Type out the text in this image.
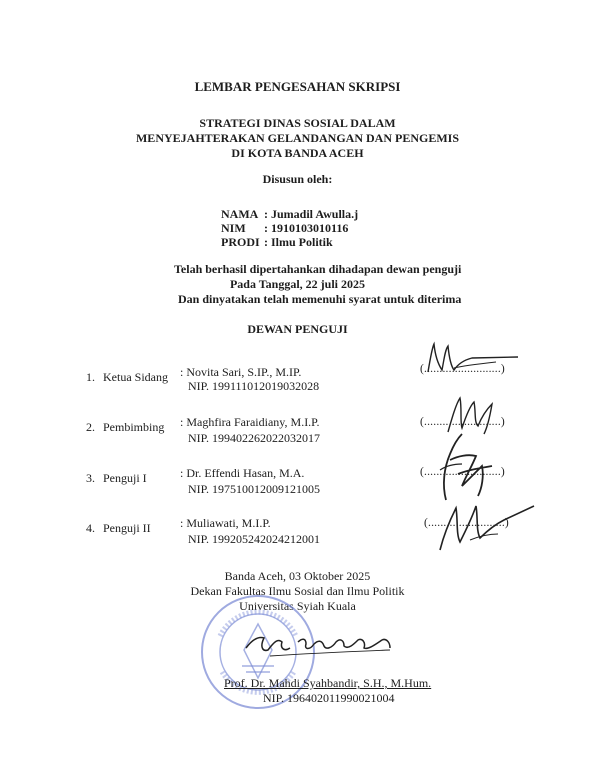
LEMBAR PENGESAHAN SKRIPSI
STRATEGI DINAS SOSIAL DALAM
MENYEJAHTERAKAN GELANDANGAN DAN PENGEMIS
DI KOTA BANDA ACEH
Disusun oleh:
NAMA : Jumadil Awulla.j
NIM : 1910103010116
PRODI : Ilmu Politik
Telah berhasil dipertahankan dihadapan dewan penguji
Pada Tanggal, 22 juli 2025
Dan dinyatakan telah memenuhi syarat untuk diterima
DEWAN PENGUJI
1. Ketua Sidang : Novita Sari, S.IP., M.IP.
NIP. 199111012019032028
(.........................)
2. Pembimbing : Maghfira Faraidiany, M.I.P.
NIP. 199402262022032017
(.........................)
3. Penguji I	: Dr. Effendi Hasan, M.A.
NIP. 197510012009121005
(.........................)
4. Penguji II : Muliawati, M.I.P.
NIP. 199205242024212001
(.........................)
Banda Aceh, 03 Oktober 2025
Dekan Fakultas Ilmu Sosial dan Ilmu Politik
Universitas Syiah Kuala
Prof. Dr. Mahdi Syahbandir, S.H., M.Hum.
NIP. 196402011990021004
